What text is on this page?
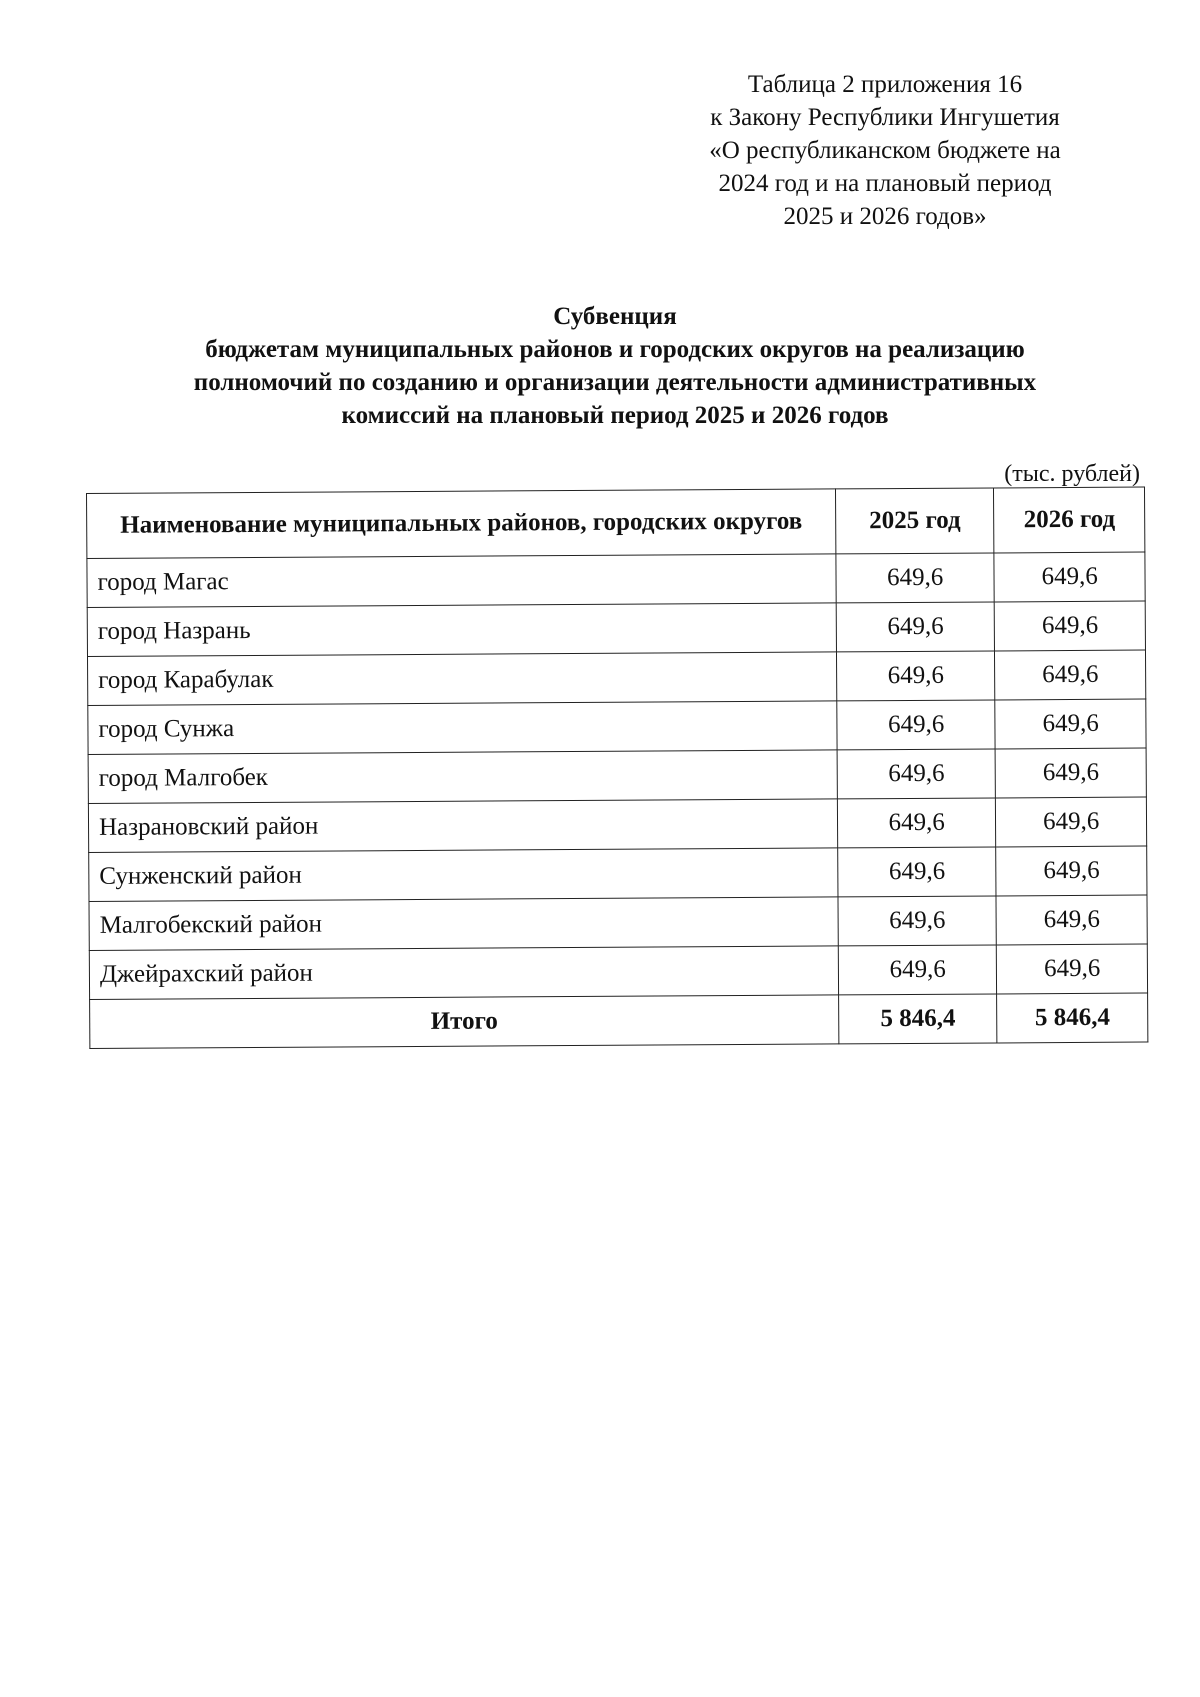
Таблица 2 приложения 16
к Закону Республики Ингушетия
«О республиканском бюджете на
2024 год и на плановый период
2025 и 2026 годов»
Субвенция
бюджетам муниципальных районов и городских округов на реализацию
полномочий по созданию и организации деятельности административных
комиссий на плановый период 2025 и 2026 годов
(тыс. рублей)
Наименование муниципальных районов, городских округов	2025 год	2026 год
город Магас	649,6	649,6
город Назрань	649,6	649,6
город Карабулак	649,6	649,6
город Сунжа	649,6	649,6
город Малгобек	649,6	649,6
Назрановский район	649,6	649,6
Сунженский район	649,6	649,6
Малгобекский район	649,6	649,6
Джейрахский район	649,6	649,6
Итого	5 846,4	5 846,4
